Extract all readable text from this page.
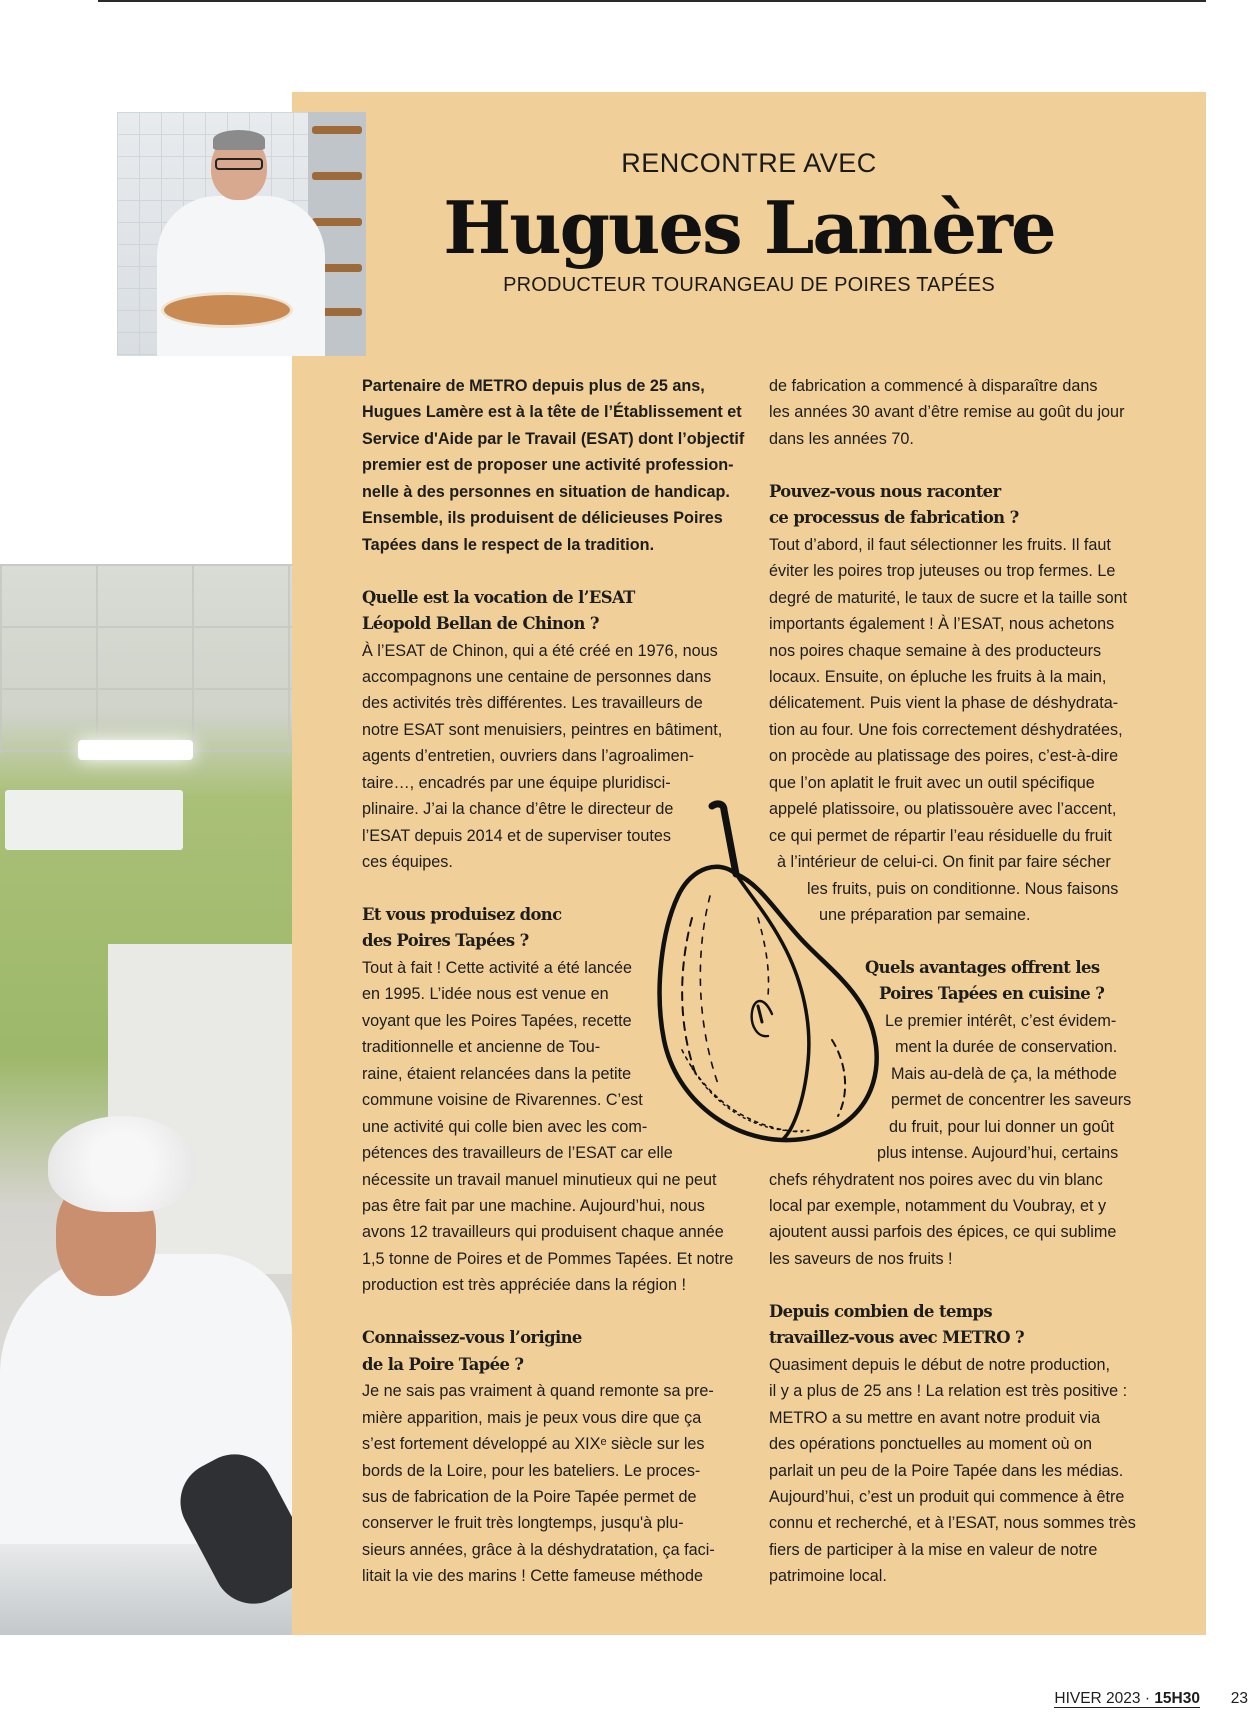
RENCONTRE AVEC
Hugues Lamère
PRODUCTEUR TOURANGEAU DE POIRES TAPÉES

Partenaire de METRO depuis plus de 25 ans,

Hugues Lamère est à la tête de l’Établissement et

Service d'Aide par le Travail (ESAT) dont l’objectif

premier est de proposer une activité profession-

nelle à des personnes en situation de handicap.

Ensemble, ils produisent de délicieuses Poires

Tapées dans le respect de la tradition.

Quelle est la vocation de l’ESAT

Léopold Bellan de Chinon ?

À l’ESAT de Chinon, qui a été créé en 1976, nous

accompagnons une centaine de personnes dans

des activités très différentes. Les travailleurs de

notre ESAT sont menuisiers, peintres en bâtiment,

agents d’entretien, ouvriers dans l’agroalimen-

taire…, encadrés par une équipe pluridisci-

plinaire. J’ai la chance d’être le directeur de

l’ESAT depuis 2014 et de superviser toutes

ces équipes.

Et vous produisez donc

des Poires Tapées ?

Tout à fait ! Cette activité a été lancée

en 1995. L’idée nous est venue en

voyant que les Poires Tapées, recette

traditionnelle et ancienne de Tou-

raine, étaient relancées dans la petite

commune voisine de Rivarennes. C’est

une activité qui colle bien avec les com-

pétences des travailleurs de l’ESAT car elle

nécessite un travail manuel minutieux qui ne peut

pas être fait par une machine. Aujourd’hui, nous

avons 12 travailleurs qui produisent chaque année

1,5 tonne de Poires et de Pommes Tapées. Et notre

production est très appréciée dans la région !

Connaissez-vous l’origine

de la Poire Tapée ?

Je ne sais pas vraiment à quand remonte sa pre-

mière apparition, mais je peux vous dire que ça

s’est fortement développé au XIXᵉ siècle sur les

bords de la Loire, pour les bateliers. Le proces-

sus de fabrication de la Poire Tapée permet de

conserver le fruit très longtemps, jusqu'à plu-

sieurs années, grâce à la déshydratation, ça faci-

litait la vie des marins ! Cette fameuse méthode

de fabrication a commencé à disparaître dans

les années 30 avant d’être remise au goût du jour

dans les années 70.

Pouvez-vous nous raconter

ce processus de fabrication ?

Tout d’abord, il faut sélectionner les fruits. Il faut

éviter les poires trop juteuses ou trop fermes. Le

degré de maturité, le taux de sucre et la taille sont

importants également ! À l’ESAT, nous achetons

nos poires chaque semaine à des producteurs

locaux. Ensuite, on épluche les fruits à la main,

délicatement. Puis vient la phase de déshydrata-

tion au four. Une fois correctement déshydratées,

on procède au platissage des poires, c’est-à-dire

que l’on aplatit le fruit avec un outil spécifique

appelé platissoire, ou platissouère avec l’accent,

ce qui permet de répartir l’eau résiduelle du fruit

à l’intérieur de celui-ci. On finit par faire sécher

les fruits, puis on conditionne. Nous faisons

une préparation par semaine.

Quels avantages offrent les

Poires Tapées en cuisine ?

Le premier intérêt, c’est évidem-

ment la durée de conservation.

Mais au-delà de ça, la méthode

permet de concentrer les saveurs

du fruit, pour lui donner un goût

plus intense. Aujourd’hui, certains

chefs réhydratent nos poires avec du vin blanc

local par exemple, notamment du Voubray, et y

ajoutent aussi parfois des épices, ce qui sublime

les saveurs de nos fruits !

Depuis combien de temps

travaillez-vous avec METRO ?

Quasiment depuis le début de notre production,

il y a plus de 25 ans ! La relation est très positive :

METRO a su mettre en avant notre produit via

des opérations ponctuelles au moment où on

parlait un peu de la Poire Tapée dans les médias.

Aujourd’hui, c’est un produit qui commence à être

connu et recherché, et à l’ESAT, nous sommes très

fiers de participer à la mise en valeur de notre

patrimoine local.

HIVER 2023 · 15H30 23
